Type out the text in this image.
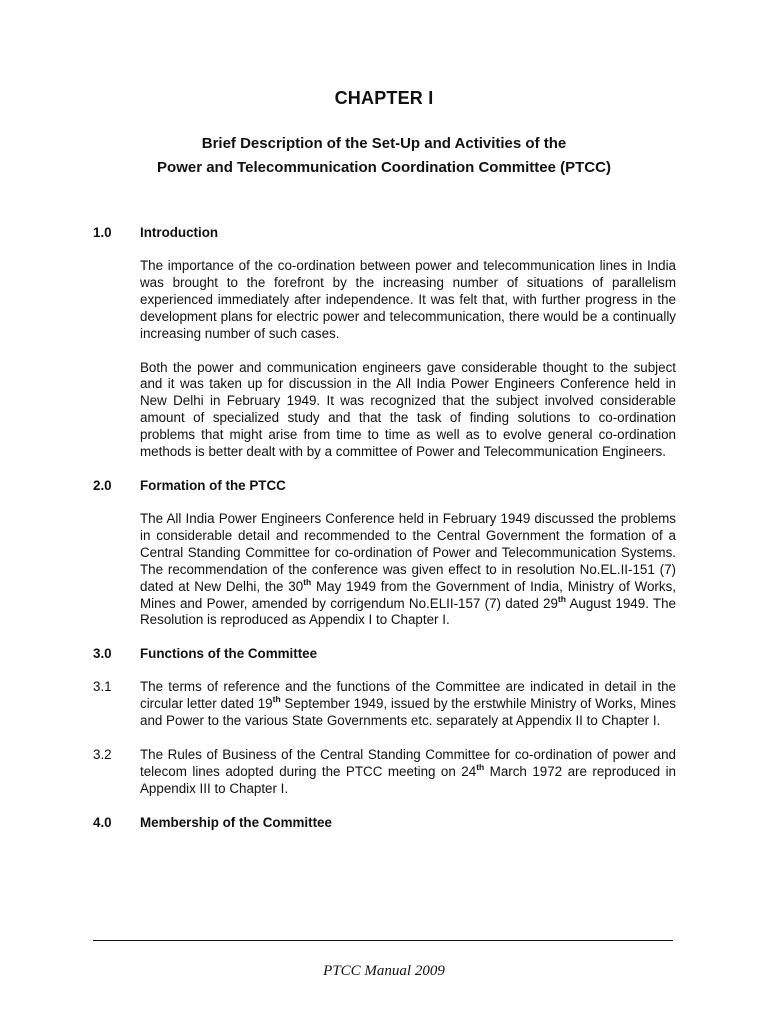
CHAPTER I
Brief Description of the Set-Up and Activities of the
Power and Telecommunication Coordination Committee (PTCC)
1.0	Introduction
The importance of the co-ordination between power and telecommunication lines in India was brought to the forefront by the increasing number of situations of parallelism experienced immediately after independence. It was felt that, with further progress in the development plans for electric power and telecommunication, there would be a continually increasing number of such cases.
Both the power and communication engineers gave considerable thought to the subject and it was taken up for discussion in the All India Power Engineers Conference held in New Delhi in February 1949. It was recognized that the subject involved considerable amount of specialized study and that the task of finding solutions to co-ordination problems that might arise from time to time as well as to evolve general co-ordination methods is better dealt with by a committee of Power and Telecommunication Engineers.
2.0	Formation of the PTCC
The All India Power Engineers Conference held in February 1949 discussed the problems in considerable detail and recommended to the Central Government the formation of a Central Standing Committee for co-ordination of Power and Telecommunication Systems. The recommendation of the conference was given effect to in resolution No.EL.II-151 (7) dated at New Delhi, the 30th May 1949 from the Government of India, Ministry of Works, Mines and Power, amended by corrigendum No.ELII-157 (7) dated 29th August 1949. The Resolution is reproduced as Appendix I to Chapter I.
3.0	Functions of the Committee
3.1	The terms of reference and the functions of the Committee are indicated in detail in the circular letter dated 19th September 1949, issued by the erstwhile Ministry of Works, Mines and Power to the various State Governments etc. separately at Appendix II to Chapter I.
3.2	The Rules of Business of the Central Standing Committee for co-ordination of power and telecom lines adopted during the PTCC meeting on 24th March 1972 are reproduced in Appendix III to Chapter I.
4.0	Membership of the Committee
PTCC Manual 2009
